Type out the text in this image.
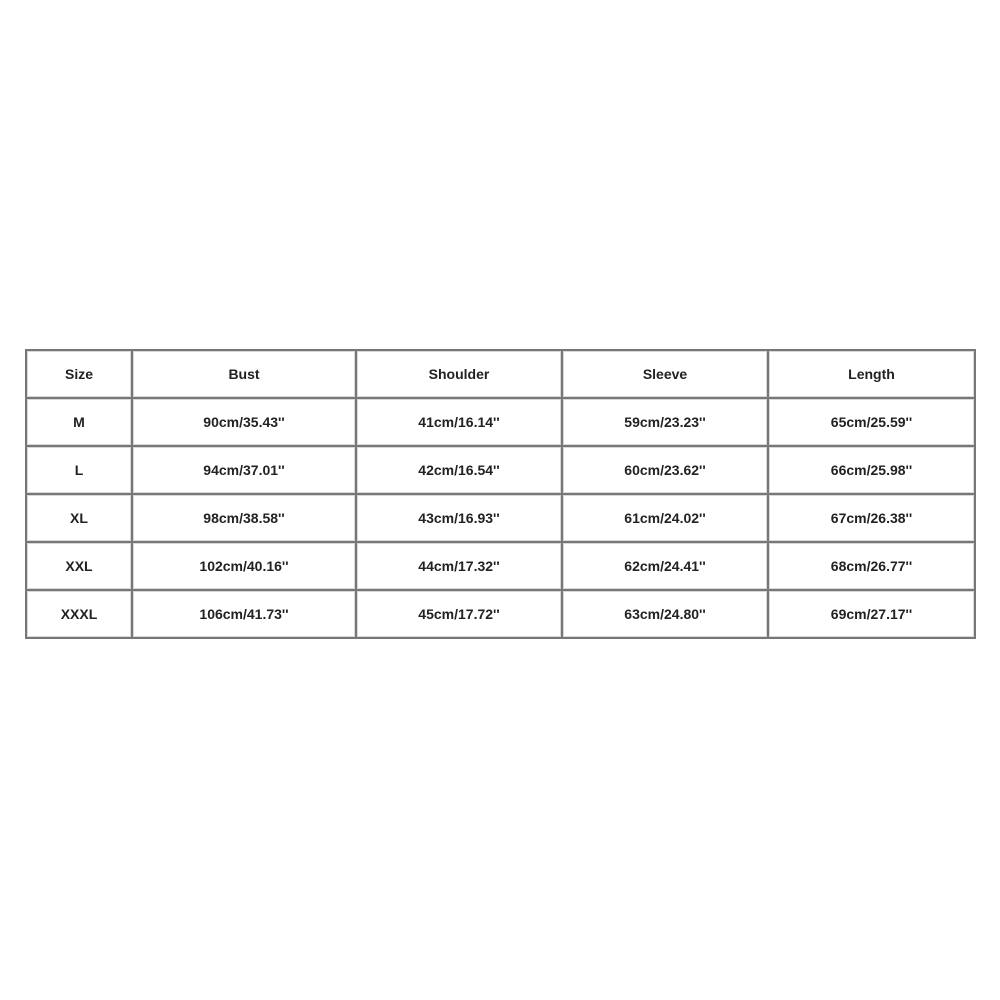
Size	Bust	Shoulder	Sleeve	Length
M	90cm/35.43''	41cm/16.14''	59cm/23.23''	65cm/25.59''
L	94cm/37.01''	42cm/16.54''	60cm/23.62''	66cm/25.98''
XL	98cm/38.58''	43cm/16.93''	61cm/24.02''	67cm/26.38''
XXL	102cm/40.16''	44cm/17.32''	62cm/24.41''	68cm/26.77''
XXXL	106cm/41.73''	45cm/17.72''	63cm/24.80''	69cm/27.17''
